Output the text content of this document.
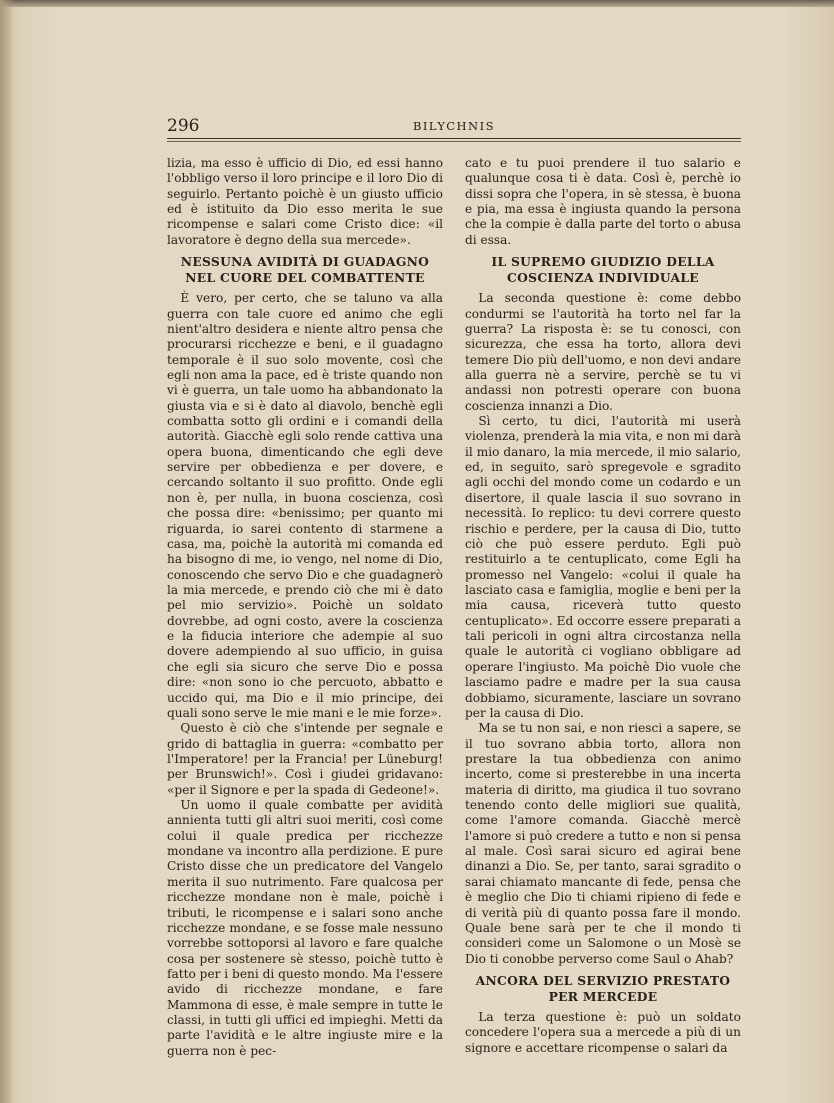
296	BILYCHNIS

lizia, ma esso è ufficio di Dio, ed essi hanno l'obbligo verso il loro principe e il loro Dio di seguirlo. Pertanto poichè è un giusto ufficio ed è istituito da Dio esso merita le sue ricompense e salari come Cristo dice: «il lavoratore è degno della sua mercede».

NESSUNA AVIDITÀ DI GUADAGNO NEL CUORE DEL COMBATTENTE

È vero, per certo, che se taluno va alla guerra con tale cuore ed animo che egli nient'altro desidera e niente altro pensa che procurarsi ricchezze e beni, e il guadagno temporale è il suo solo movente, così che egli non ama la pace, ed è triste quando non vi è guerra, un tale uomo ha abbandonato la giusta via e si è dato al diavolo, benchè egli combatta sotto gli ordini e i comandi della autorità. Giacchè egli solo rende cattiva una opera buona, dimenticando che egli deve servire per obbedienza e per dovere, e cercando soltanto il suo profitto. Onde egli non è, per nulla, in buona coscienza, così che possa dire: «benissimo; per quanto mi riguarda, io sarei contento di starmene a casa, ma, poichè la autorità mi comanda ed ha bisogno di me, io vengo, nel nome di Dio, conoscendo che servo Dio e che guadagnerò la mia mercede, e prendo ciò che mi è dato pel mio servizio». Poichè un soldato dovrebbe, ad ogni costo, avere la coscienza e la fiducia interiore che adempie al suo dovere adempiendo al suo ufficio, in guisa che egli sia sicuro che serve Dio e possa dire: «non sono io che percuoto, abbatto e uccido qui, ma Dio e il mio principe, dei quali sono serve le mie mani e le mie forze».

Questo è ciò che s'intende per segnale e grido di battaglia in guerra: «combatto per l'Imperatore! per la Francia! per Lüneburg! per Brunswich!». Così i giudei gridavano: «per il Signore e per la spada di Gedeone!».

Un uomo il quale combatte per avidità annienta tutti gli altri suoi meriti, così come colui il quale predica per ricchezze mondane va incontro alla perdizione. E pure Cristo disse che un predicatore del Vangelo merita il suo nutrimento. Fare qualcosa per ricchezze mondane non è male, poichè i tributi, le ricompense e i salari sono anche ricchezze mondane, e se fosse male nessuno vorrebbe sottoporsi al lavoro e fare qualche cosa per sostenere sè stesso, poichè tutto è fatto per i beni di questo mondo. Ma l'essere avido di ricchezze mondane, e fare Mammona di esse, è male sempre in tutte le classi, in tutti gli uffici ed impieghi. Metti da parte l'avidità e le altre ingiuste mire e la guerra non è pec-

cato e tu puoi prendere il tuo salario e qualunque cosa ti è data. Così è, perchè io dissi sopra che l'opera, in sè stessa, è buona e pia, ma essa è ingiusta quando la persona che la compie è dalla parte del torto o abusa di essa.

IL SUPREMO GIUDIZIO DELLA COSCIENZA INDIVIDUALE

La seconda questione è: come debbo condurmi se l'autorità ha torto nel far la guerra? La risposta è: se tu conosci, con sicurezza, che essa ha torto, allora devi temere Dio più dell'uomo, e non devi andare alla guerra nè a servire, perchè se tu vi andassi non potresti operare con buona coscienza innanzi a Dio.

Sì certo, tu dici, l'autorità mi userà violenza, prenderà la mia vita, e non mi darà il mio danaro, la mia mercede, il mio salario, ed, in seguito, sarò spregevole e sgradito agli occhi del mondo come un codardo e un disertore, il quale lascia il suo sovrano in necessità. Io replico: tu devi correre questo rischio e perdere, per la causa di Dio, tutto ciò che può essere perduto. Egli può restituirlo a te centuplicato, come Egli ha promesso nel Vangelo: «colui il quale ha lasciato casa e famiglia, moglie e beni per la mia causa, riceverà tutto questo centuplicato». Ed occorre essere preparati a tali pericoli in ogni altra circostanza nella quale le autorità ci vogliano obbligare ad operare l'ingiusto. Ma poichè Dio vuole che lasciamo padre e madre per la sua causa dobbiamo, sicuramente, lasciare un sovrano per la causa di Dio.

Ma se tu non sai, e non riesci a sapere, se il tuo sovrano abbia torto, allora non prestare la tua obbedienza con animo incerto, come si presterebbe in una incerta materia di diritto, ma giudica il tuo sovrano tenendo conto delle migliori sue qualità, come l'amore comanda. Giacchè mercè l'amore si può credere a tutto e non si pensa al male. Così sarai sicuro ed agirai bene dinanzi a Dio. Se, per tanto, sarai sgradito o sarai chiamato mancante di fede, pensa che è meglio che Dio ti chiami ripieno di fede e di verità più di quanto possa fare il mondo. Quale bene sarà per te che il mondo ti consideri come un Salomone o un Mosè se Dio ti conobbe perverso come Saul o Ahab?

ANCORA DEL SERVIZIO PRESTATO PER MERCEDE

La terza questione è: può un soldato concedere l'opera sua a mercede a più di un signore e accettare ricompense o salari da
